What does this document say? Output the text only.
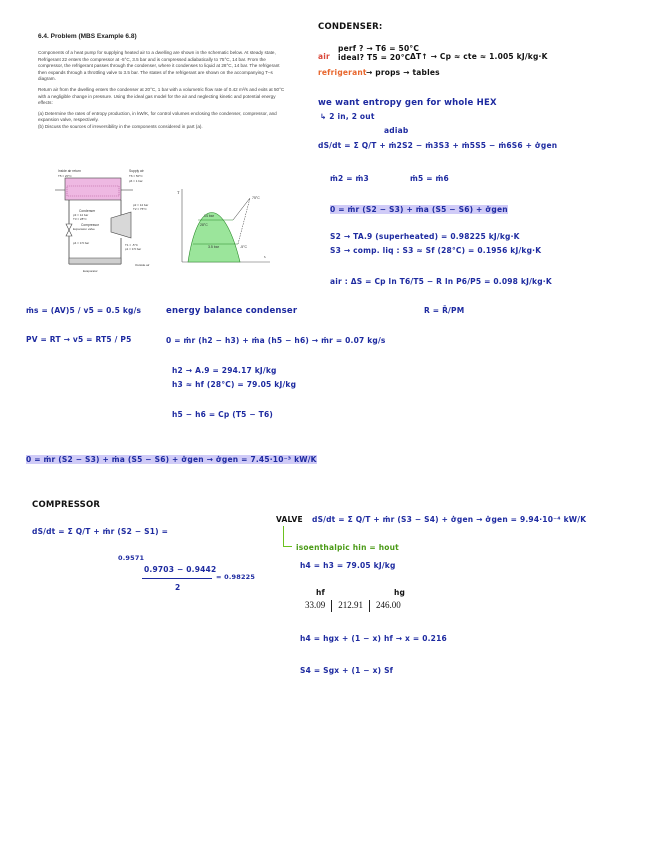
6.4. Problem (MBS Example 6.8)

Components of a heat pump for supplying heated air to a dwelling are shown in the schematic below. At steady state, Refrigerant 22 enters the compressor at -5°C, 3.5 bar and is compressed adiabatically to 75°C, 14 bar. From the compressor, the refrigerant passes through the condenser, where it condenses to liquid at 28°C, 14 bar. The refrigerant then expands through a throttling valve to 3.5 bar. The states of the refrigerant are shown on the accompanying T–s diagram.

Return air from the dwelling enters the condenser at 20°C, 1 bar with a volumetric flow rate of 0.42 m³/s and exits at 50°C with a negligible change in pressure. Using the ideal gas model for the air and neglecting kinetic and potential energy effects:

(a) Determine the rates of entropy production, in kW/K, for control volumes enclosing the condenser, compressor, and expansion valve, respectively.

(b) Discuss the sources of irreversibility in the components considered in part (a).

Inside air return
T5 = 20°C
Supply air
T6 = 50°C
p6 = 1 bar
Condenser
Compressor
p3 = 14 bar
T3 = 28°C
Expansion valve
p4 = 3.5 bar
p2 = 14 bar
T2 = 75°C
T1 = -5°C
p1 = 3.5 bar
Evaporator
Outside air
T
s
75°C
14 bar
28°C
3.5 bar	-5°C
CONDENSER:
air
perf ? → T6 = 50°C
ideal? T5 = 20°C ΔT↑ → Cp ≈ cte ≈ 1.005 kJ/kg·K
refrigerant → props → tables
we want entropy gen for whole HEX
↳ 2 in, 2 out
adiab
dS/dt = Σ Q/T + ṁ2S2 − ṁ3S3 + ṁ5S5 − ṁ6S6 + σ̇gen
ṁ2 = ṁ3	ṁ5 = ṁ6
0 = ṁr (S2 − S3) + ṁa (S5 − S6) + σ̇gen
S2 → TA.9 (superheated) = 0.98225 kJ/kg·K
S3 → comp. liq : S3 ≈ Sf (28°C) = 0.1956 kJ/kg·K
air : ΔS = Cp ln T6/T5 − R ln P6/P5 = 0.098 kJ/kg·K
R = R̄/PM
ṁs = (AV)5 / v5 = 0.5 kg/s	energy balance condenser
PV = RT → v5 = RT5 / P5	0 = ṁr (h2 − h3) + ṁa (h5 − h6) → ṁr = 0.07 kg/s
h2 → A.9 = 294.17 kJ/kg
h3 ≈ hf (28°C) = 79.05 kJ/kg
h5 − h6 = Cp (T5 − T6)
0 = ṁr (S2 − S3) + ṁa (S5 − S6) + σ̇gen → σ̇gen = 7.45·10⁻³ kW/K
COMPRESSOR
dS/dt = Σ Q/T + ṁr (S2 − S1) =
0.9571
0.9703 − 0.9442
2
= 0.98225
VALVE dS/dt = Σ Q/T + ṁr (S3 − S4) + σ̇gen → σ̇gen = 9.94·10⁻⁴ kW/K
isoenthalpic hin = hout
h4 = h3 = 79.05 kJ/kg
hf	hg
33.09 212.91 246.00
h4 = hgx + (1 − x) hf → x = 0.216
S4 = Sgx + (1 − x) Sf
